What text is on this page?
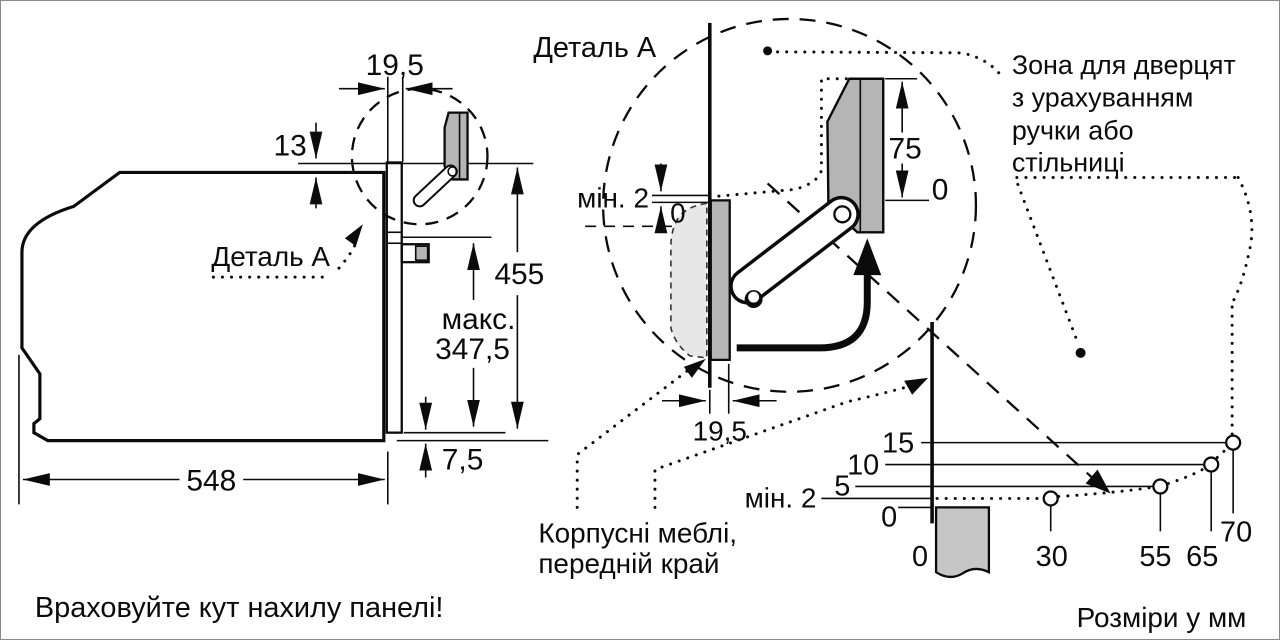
19,5
13
Деталь A
455
макс.
347,5
7,5
548
Враховуйте кут нахилу панелі!
Деталь A
мін. 2 0
75
0
19,5
Зона для дверцят
з урахуванням
ручки або
стільниці
Корпусні меблі,
передній край
15
10
5
мін. 2
0
0	30 55 65
70
Розміри у мм
